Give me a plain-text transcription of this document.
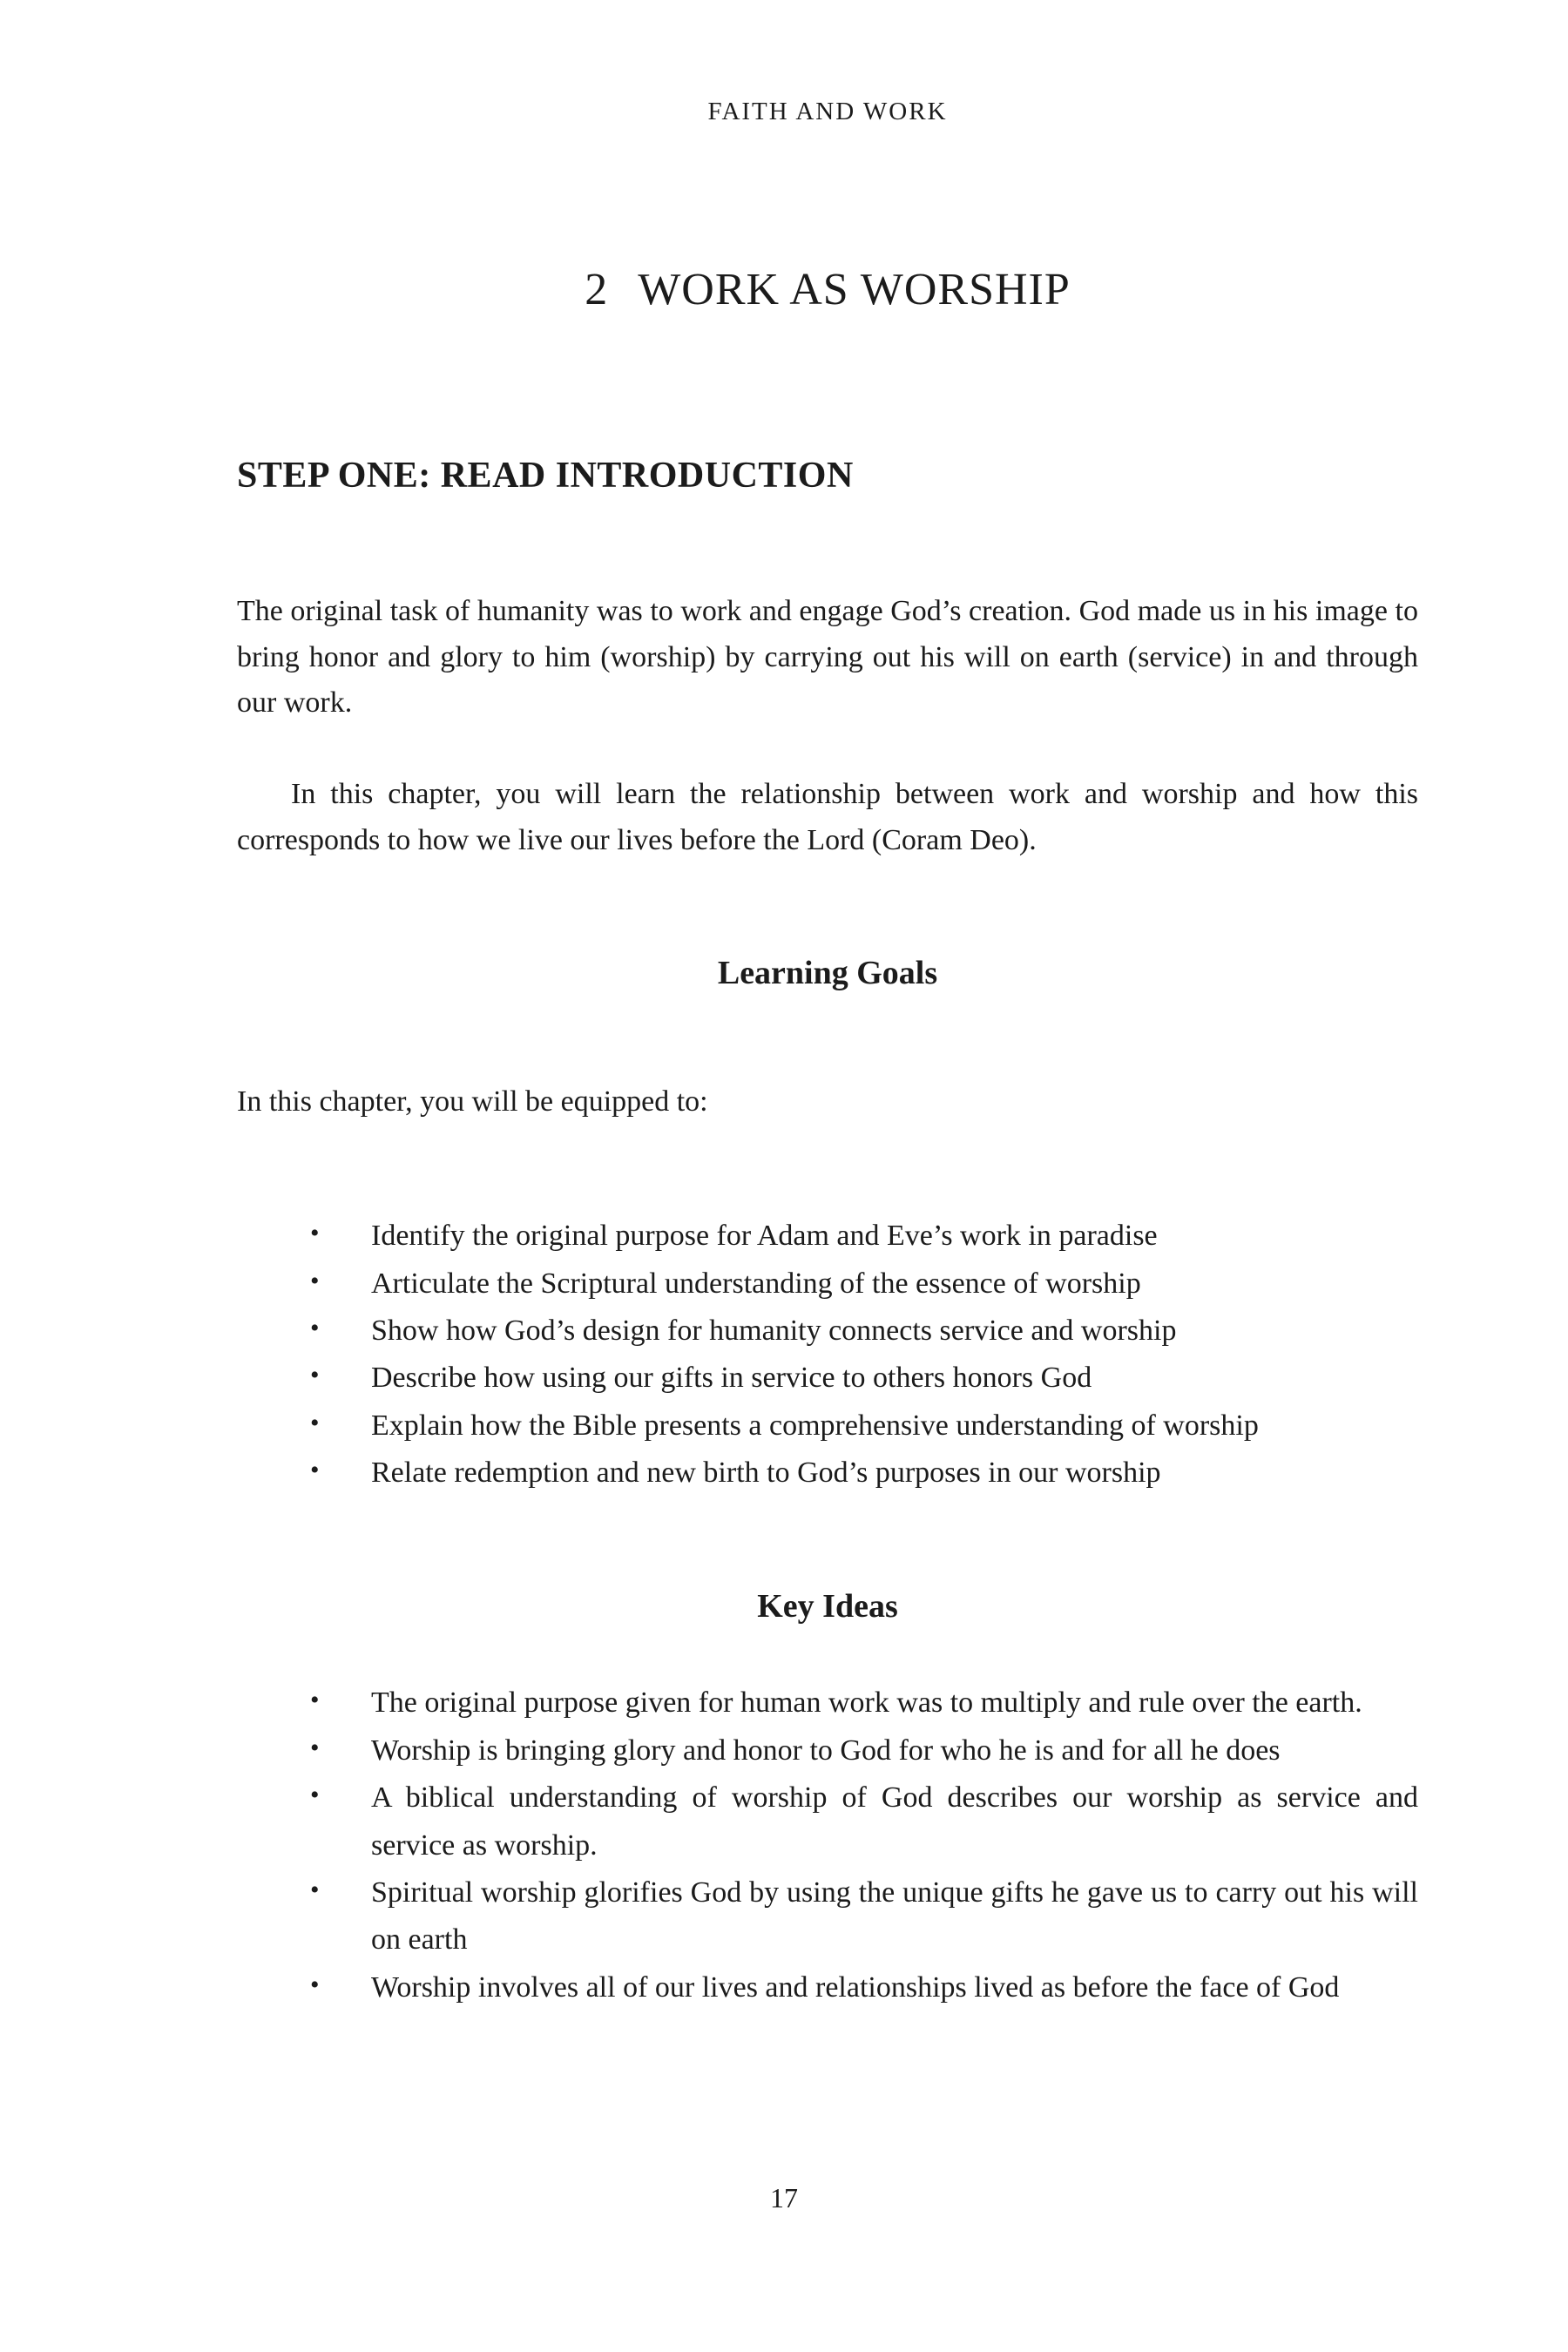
FAITH AND WORK
2 WORK AS WORSHIP
STEP ONE: READ INTRODUCTION

The original task of humanity was to work and engage God’s creation. God made us in his image to bring honor and glory to him (worship) by carrying out his will on earth (service) in and through our work.

In this chapter, you will learn the relationship between work and worship and how this corresponds to how we live our lives before the Lord (Coram Deo).

Learning Goals

In this chapter, you will be equipped to:

• Identify the original purpose for Adam and Eve’s work in paradise
• Articulate the Scriptural understanding of the essence of worship
• Show how God’s design for humanity connects service and worship
• Describe how using our gifts in service to others honors God
• Explain how the Bible presents a comprehensive understanding of worship
• Relate redemption and new birth to God’s purposes in our worship
Key Ideas
• The original purpose given for human work was to multiply and rule over the earth.
• Worship is bringing glory and honor to God for who he is and for all he does
• A biblical understanding of worship of God describes our worship as service and service as worship.
• Spiritual worship glorifies God by using the unique gifts he gave us to carry out his will on earth
• Worship involves all of our lives and relationships lived as before the face of God
17
